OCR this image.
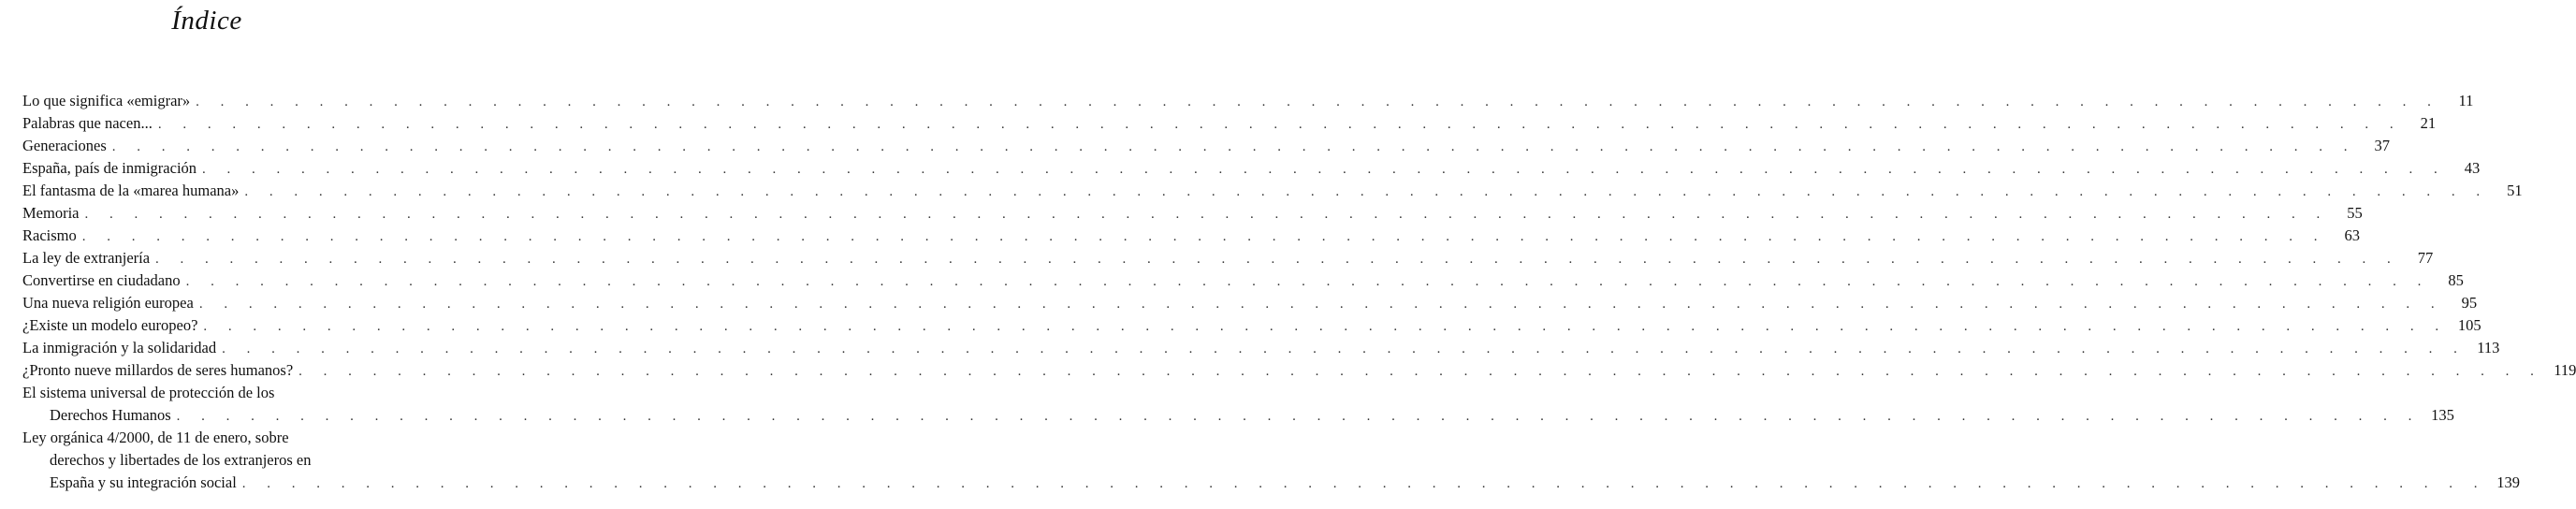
Índice
Lo que significa «emigrar» . . . . . . . . . . . . . . . . . . . . . . . . . . . . . . . . . . . . . . . . . . . . . . . . . . . . . . . . . . . . . . . . . . . . . . . . . . . . . . . . . . . . . . . . . . .	11
Palabras que nacen... . . . . . . . . . . . . . . . . . . . . . . . . . . . . . . . . . . . . . . . . . . . . . . . . . . . . . . . . . . . . . . . . . . . . . . . . . . . . . . . . . . . . . . . . . . .	21
Generaciones . . . . . . . . . . . . . . . . . . . . . . . . . . . . . . . . . . . . . . . . . . . . . . . . . . . . . . . . . . . . . . . . . . . . . . . . . . . . . . . . . . . . . . . . . . .	37
España, país de inmigración . . . . . . . . . . . . . . . . . . . . . . . . . . . . . . . . . . . . . . . . . . . . . . . . . . . . . . . . . . . . . . . . . . . . . . . . . . . . . . . . . . . . . . . . . . .	43
El fantasma de la «marea humana» . . . . . . . . . . . . . . . . . . . . . . . . . . . . . . . . . . . . . . . . . . . . . . . . . . . . . . . . . . . . . . . . . . . . . . . . . . . . . . . . . . . . . . . . . . .	51
Memoria . . . . . . . . . . . . . . . . . . . . . . . . . . . . . . . . . . . . . . . . . . . . . . . . . . . . . . . . . . . . . . . . . . . . . . . . . . . . . . . . . . . . . . . . . . .	55
Racismo . . . . . . . . . . . . . . . . . . . . . . . . . . . . . . . . . . . . . . . . . . . . . . . . . . . . . . . . . . . . . . . . . . . . . . . . . . . . . . . . . . . . . . . . . . .	63
La ley de extranjería . . . . . . . . . . . . . . . . . . . . . . . . . . . . . . . . . . . . . . . . . . . . . . . . . . . . . . . . . . . . . . . . . . . . . . . . . . . . . . . . . . . . . . . . . . .	77
Convertirse en ciudadano . . . . . . . . . . . . . . . . . . . . . . . . . . . . . . . . . . . . . . . . . . . . . . . . . . . . . . . . . . . . . . . . . . . . . . . . . . . . . . . . . . . . . . . . . . .	85
Una nueva religión europea . . . . . . . . . . . . . . . . . . . . . . . . . . . . . . . . . . . . . . . . . . . . . . . . . . . . . . . . . . . . . . . . . . . . . . . . . . . . . . . . . . . . . . . . . . .	95
¿Existe un modelo europeo? . . . . . . . . . . . . . . . . . . . . . . . . . . . . . . . . . . . . . . . . . . . . . . . . . . . . . . . . . . . . . . . . . . . . . . . . . . . . . . . . . . . . . . . . . . . 105
La inmigración y la solidaridad . . . . . . . . . . . . . . . . . . . . . . . . . . . . . . . . . . . . . . . . . . . . . . . . . . . . . . . . . . . . . . . . . . . . . . . . . . . . . . . . . . . . . . . . . . . 113
¿Pronto nueve millardos de seres humanos? . . . . . . . . . . . . . . . . . . . . . . . . . . . . . . . . . . . . . . . . . . . . . . . . . . . . . . . . . . . . . . . . . . . . . . . . . . . . . . . . . . . . . . . . . . . 119
El sistema universal de protección de los
Derechos Humanos . . . . . . . . . . . . . . . . . . . . . . . . . . . . . . . . . . . . . . . . . . . . . . . . . . . . . . . . . . . . . . . . . . . . . . . . . . . . . . . . . . . . . . . . . . . 135
Ley orgánica 4/2000, de 11 de enero, sobre
derechos y libertades de los extranjeros en
España y su integración social . . . . . . . . . . . . . . . . . . . . . . . . . . . . . . . . . . . . . . . . . . . . . . . . . . . . . . . . . . . . . . . . . . . . . . . . . . . . . . . . . . . . . . . . . . . 139
